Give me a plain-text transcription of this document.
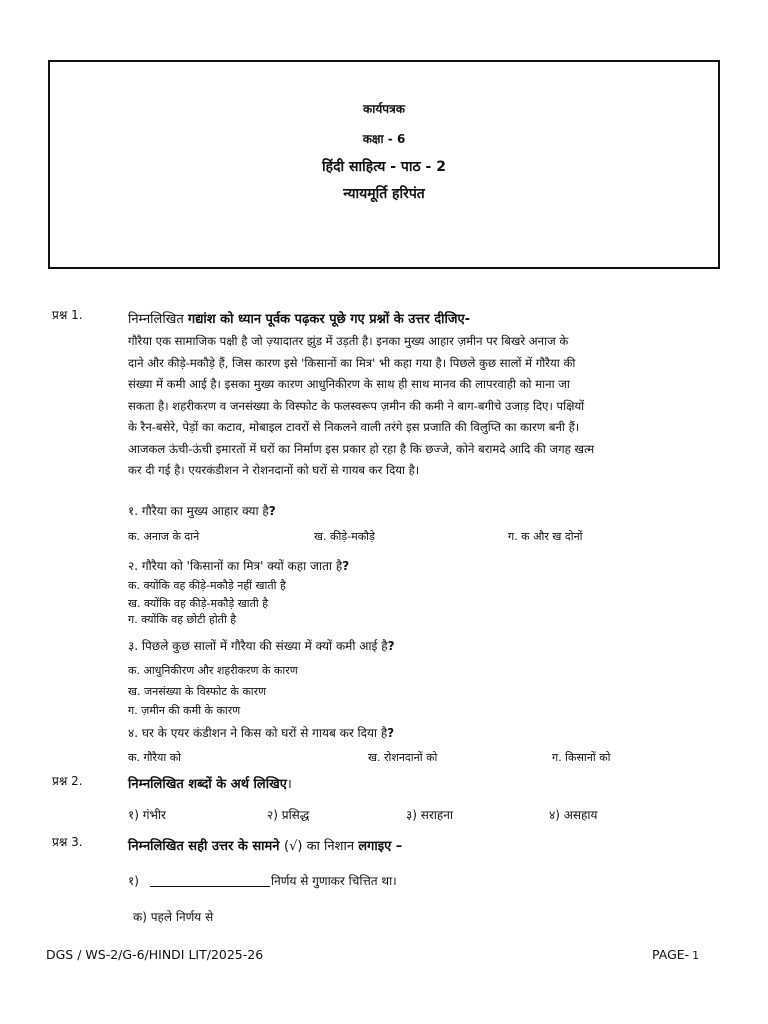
कार्यपत्रक
कक्षा - 6
हिंदी साहित्य - पाठ - 2
न्यायमूर्ति हरिपंत
प्रश्न 1.	निम्नलिखित गद्यांश को ध्यान पूर्वक पढ़कर पूछे गए प्रश्नों के उत्तर दीजिए-
गौरैया एक सामाजिक पक्षी है जो ज़्यादातर झुंड में उड़ती है। इनका मुख्य आहार ज़मीन पर बिखरे अनाज के
दाने और कीड़े-मकौड़े हैं, जिस कारण इसे 'किसानों का मित्र' भी कहा गया है। पिछले कुछ सालों में गौरैया की
संख्या में कमी आई है। इसका मुख्य कारण आधुनिकीरण के साथ ही साथ मानव की लापरवाही को माना जा
सकता है। शहरीकरण व जनसंख्या के विस्फोट के फलस्वरूप ज़मीन की कमी ने बाग-बगीचे उजाड़ दिए। पक्षियों
के रैन-बसेरे, पेड़ों का कटाव, मोबाइल टावरों से निकलने वाली तरंगे इस प्रजाति की विलुप्ति का कारण बनी हैं।
आजकल ऊंची-ऊंची इमारतों में घरों का निर्माण इस प्रकार हो रहा है कि छज्जे, कोने बरामदे आदि की जगह खत्म
कर दी गई है। एयरकंडीशन ने रोशनदानों को घरों से गायब कर दिया है।
१. गौरैया का मुख्य आहार क्या है?
क. अनाज के दाने	ख. कीड़े-मकौड़े	ग. क और ख दोनों
२. गौरैया को 'किसानों का मित्र' क्यों कहा जाता है?
क. क्योंकि वह कीड़े-मकौड़े नहीं खाती है
ख. क्योंकि वह कीड़े-मकौड़े खाती है
ग. क्योंकि वह छोटी होती है
३. पिछले कुछ सालों में गौरैया की संख्या में क्यों कमी आई है?
क. आधुनिकीरण और शहरीकरण के कारण
ख. जनसंख्या के विस्फोट के कारण
ग. ज़मीन की कमी के कारण
४. घर के एयर कंडीशन ने किस को घरों से गायब कर दिया है?
क. गौरैया को	ख. रोशनदानों को	ग. किसानों को
प्रश्न 2.	निम्नलिखित शब्दों के अर्थ लिखिए।
१) गंभीर	२) प्रसिद्ध	३) सराहना	४) असहाय
प्रश्न 3.	निम्नलिखित सही उत्तर के सामने (√) का निशान लगाइए –
१)	निर्णय से गुणाकर चित्तित था।
क) पहले निर्णय से
DGS / WS-2/G-6/HINDI LIT/2025-26	PAGE- 1
